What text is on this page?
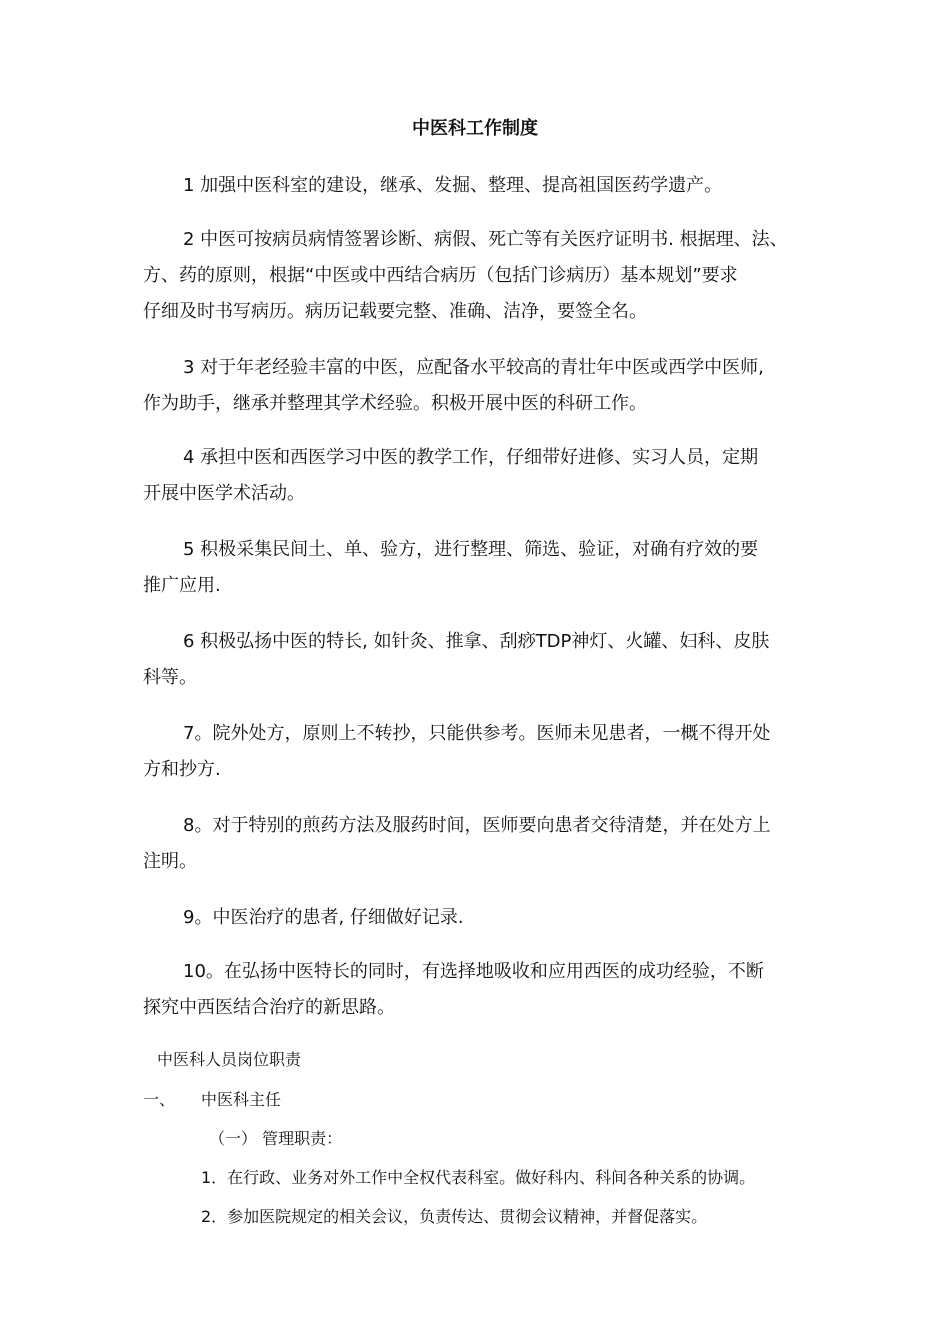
中医科工作制度

1 加强中医科室的建设，继承、发掘、整理、提高祖国医药学遗产。

2 中医可按病员病情签署诊断、病假、死亡等有关医疗证明书. 根据理、法、
方、药的原则，根据“中医或中西结合病历（包括门诊病历）基本规划”要求
仔细及时书写病历。病历记载要完整、准确、洁净，要签全名。

3 对于年老经验丰富的中医，应配备水平较高的青壮年中医或西学中医师,
作为助手，继承并整理其学术经验。积极开展中医的科研工作。

4 承担中医和西医学习中医的教学工作，仔细带好进修、实习人员，定期
开展中医学术活动。

5 积极采集民间土、单、验方，进行整理、筛选、验证，对确有疗效的要
推广应用.

6 积极弘扬中医的特长, 如针灸、推拿、刮痧TDP神灯、火罐、妇科、皮肤
科等。

7。院外处方，原则上不转抄，只能供参考。医师未见患者，一概不得开处
方和抄方.

8。对于特别的煎药方法及服药时间，医师要向患者交待清楚，并在处方上
注明。

9。中医治疗的患者, 仔细做好记录.

10。在弘扬中医特长的同时，有选择地吸收和应用西医的成功经验，不断
探究中西医结合治疗的新思路。

中医科人员岗位职责
一、 中医科主任
（一） 管理职责：
1．在行政、业务对外工作中全权代表科室。做好科内、科间各种关系的协调。
2．参加医院规定的相关会议，负责传达、贯彻会议精神，并督促落实。
